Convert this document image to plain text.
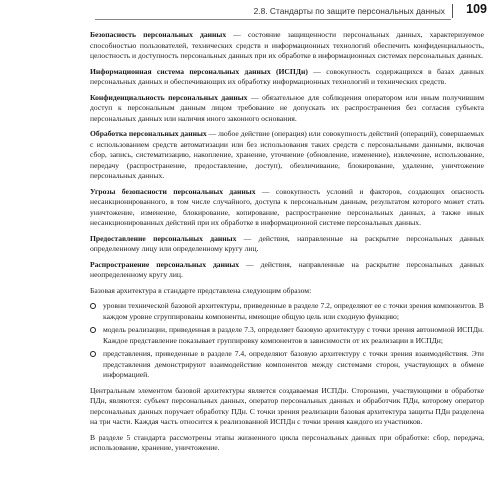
2.8. Стандарты по защите персональных данных 109

Безопасность персональных данных — состояние защищенности персональных данных, характеризуемое способностью пользователей, технических средств и информационных технологий обеспечить конфиденциальность, целостность и доступность персональных данных при их обработке в информационных системах персональных данных.

Информационная система персональных данных (ИСПДн) — совокупность содержащихся в базах данных персональных данных и обеспечивающих их обработку информационных технологий и технических средств.

Конфиденциальность персональных данных — обязательное для соблюдения оператором или иным получившим доступ к персональным данным лицом требование не допускать их распространения без согласия субъекта персональных данных или наличия иного законного основания.

Обработка персональных данных — любое действие (операция) или совокупность действий (операций), совершаемых с использованием средств автоматизации или без использования таких средств с персональными данными, включая сбор, запись, систематизацию, накопление, хранение, уточнение (обновление, изменение), извлечение, использование, передачу (распространение, предоставление, доступ), обезличивание, блокирование, удаление, уничтожение персональных данных.

Угрозы безопасности персональных данных — совокупность условий и факторов, создающих опасность несанкционированного, в том числе случайного, доступа к персональным данным, результатом которого может стать уничтожение, изменение, блокирование, копирование, распространение персональных данных, а также иных несанкционированных действий при их обработке в информационной системе персональных данных.

Предоставление персональных данных — действия, направленные на раскрытие персональных данных определенному лицу или определенному кругу лиц.

Распространение персональных данных — действия, направленные на раскрытие персональных данных неопределенному кругу лиц.

Базовая архитектура в стандарте представлена следующим образом:

уровни технической базовой архитектуры, приведенные в разделе 7.2, определяют ее с точки зрения компонентов. В каждом уровне сгруппированы компоненты, имеющие общую цель или сходную функцию;
модель реализации, приведенная в разделе 7.3, определяет базовую архитектуру с точки зрения автономной ИСПДн. Каждое представление показывает группировку компонентов в зависимости от их реализации в ИСПДн;
представления, приведенные в разделе 7.4, определяют базовую архитектуру с точки зрения взаимодействия. Эти представления демонстрируют взаимодействие компонентов между системами сторон, участвующих в обмене информацией.

Центральным элементом базовой архитектуры является создаваемая ИСПДн. Сторонами, участвующими в обработке ПДн, являются: субъект персональных данных, оператор персональных данных и обработчик ПДн, которому оператор персональных данных поручает обработку ПДн. С точки зрения реализации базовая архитектура защиты ПДн разделена на три части. Каждая часть относится к реализованной ИСПДн с точки зрения каждого из участников.

В разделе 5 стандарта рассмотрены этапы жизненного цикла персональных данных при обработке: сбор, передача, использование, хранение, уничтожение.
